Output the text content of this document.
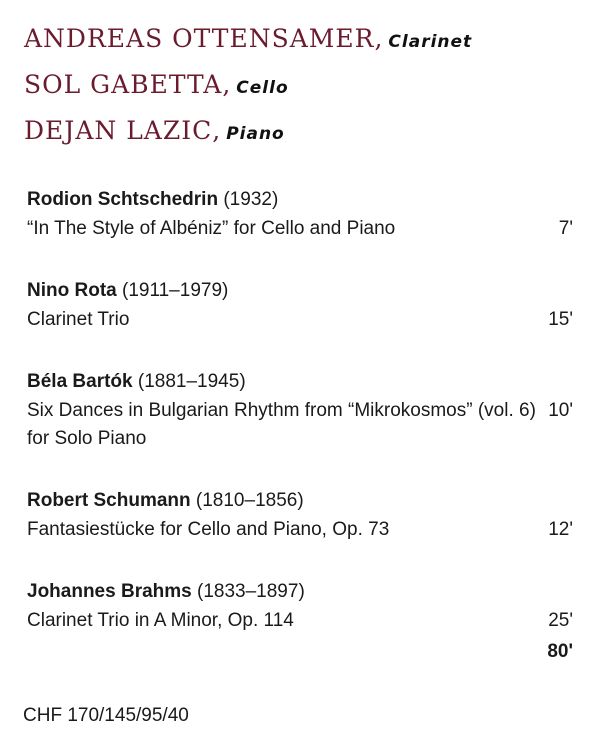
ANDREAS OTTENSAMER , Clarinet
SOL GABETTA , Cello
DEJAN LAZIC , Piano
Rodion Schtschedrin (1932)
“In The Style of Albéniz” for Cello and Piano	7'
Nino Rota (1911–1979)
Clarinet Trio	15'
Béla Bartók (1881–1945)
Six Dances in Bulgarian Rhythm from “Mikrokosmos” (vol. 6) for Solo Piano
10'
Robert Schumann (1810–1856)
Fantasiestücke for Cello and Piano, Op. 73	12'
Johannes Brahms (1833–1897)
Clarinet Trio in A Minor, Op. 114	25'
80'
CHF 170/145/95/40
